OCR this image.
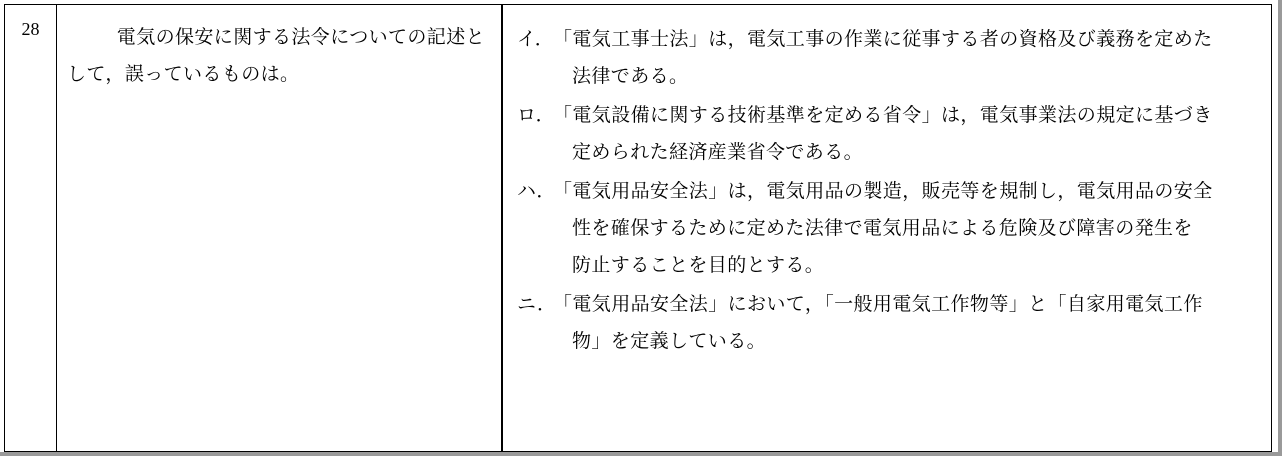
28	　電気の保安に関する法令についての記述として，誤っているものは。

イ．
「電気工事士法」は，電気工事の作業に従事する者の資格及び義務を定めた
法律である。
ロ．
「電気設備に関する技術基準を定める省令」は，電気事業法の規定に基づき
定められた経済産業省令である。
ハ．
「電気用品安全法」は，電気用品の製造，販売等を規制し，電気用品の安全
性を確保するために定めた法律で電気用品による危険及び障害の発生を
防止することを目的とする。
ニ．
「電気用品安全法」において，「一般用電気工作物等」と「自家用電気工作
物」を定義している。
